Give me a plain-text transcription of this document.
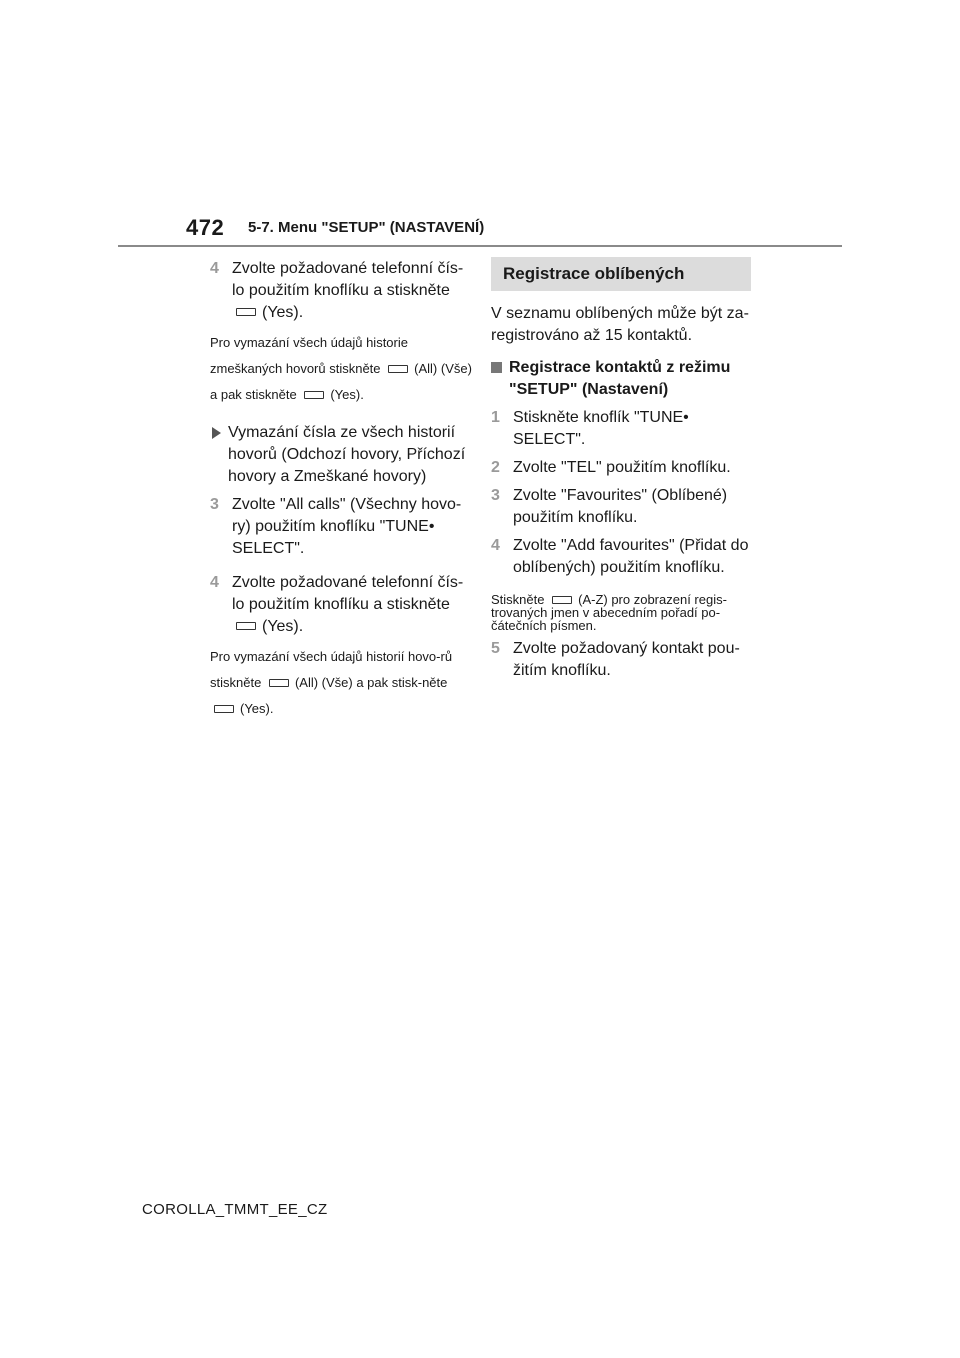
472 5-7. Menu "SETUP" (NASTAVENÍ)
4 Zvolte požadované telefonní čís-lo použitím knoflíku a stiskněte
(Yes).
Pro vymazání všech údajů historie zmeškaných hovorů stiskněte	(All) (Vše) a pak stiskněte	(Yes).
Vymazání čísla ze všech historií hovorů (Odchozí hovory, Příchozí hovory a Zmeškané hovory)
3 Zvolte "All calls" (Všechny hovo-ry) použitím knoflíku "TUNE• SELECT".
4 Zvolte požadované telefonní čís-lo použitím knoflíku a stiskněte
(Yes).
Pro vymazání všech údajů historií hovo-rů stiskněte	(All) (Vše) a pak stisk-něte (Yes).
Registrace oblíbených
V seznamu oblíbených může být za-registrováno až 15 kontaktů.
Registrace kontaktů z režimu "SETUP" (Nastavení)
1 Stiskněte knoflík "TUNE• SELECT".
2 Zvolte "TEL" použitím knoflíku.
3 Zvolte "Favourites" (Oblíbené) použitím knoflíku.
4 Zvolte "Add favourites" (Přidat do oblíbených) použitím knoflíku.
Stiskněte	(A-Z) pro zobrazení regis-trovaných jmen v abecedním pořadí po-čátečních písmen.
5 Zvolte požadovaný kontakt pou-žitím knoflíku.
COROLLA_TMMT_EE_CZ
